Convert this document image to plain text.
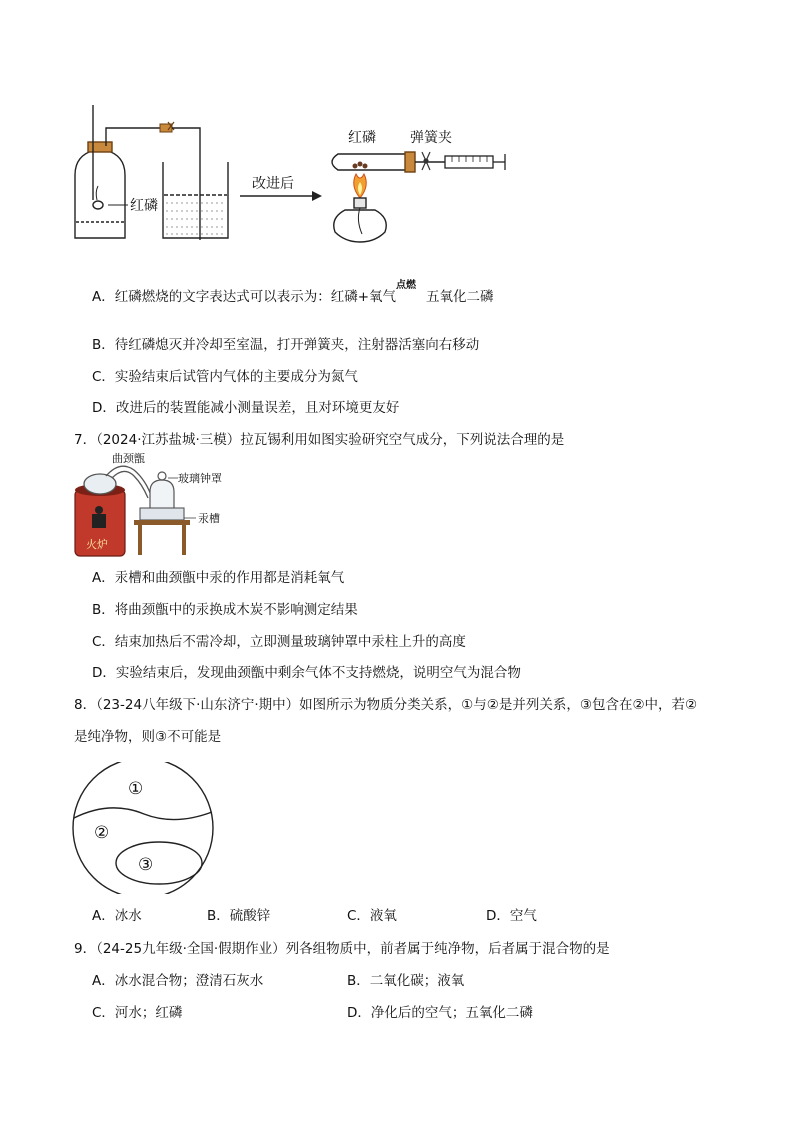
红磷
改进后
红磷 弹簧夹
A．红磷燃烧的文字表达式可以表示为：红磷+氧气
点燃
五氧化二磷
B．待红磷熄灭并冷却至室温，打开弹簧夹，注射器活塞向右移动
C．实验结束后试管内气体的主要成分为氮气
D．改进后的装置能减小测量误差，且对环境更友好
7．（2024·江苏盐城·三模）拉瓦锡利用如图实验研究空气成分，下列说法合理的是
火炉
曲颈甑
玻璃钟罩
汞槽
A．汞槽和曲颈甑中汞的作用都是消耗氧气
B．将曲颈甑中的汞换成木炭不影响测定结果
C．结束加热后不需冷却，立即测量玻璃钟罩中汞柱上升的高度
D．实验结束后，发现曲颈甑中剩余气体不支持燃烧，说明空气为混合物
8．（23-24八年级下·山东济宁·期中）如图所示为物质分类关系，①与②是并列关系，③包含在②中，若②
是纯净物，则③不可能是
①
②
③
A．冰水	B．硫酸锌	C．液氧	D．空气
9．（24-25九年级·全国·假期作业）列各组物质中，前者属于纯净物，后者属于混合物的是
A．冰水混合物；澄清石灰水	B．二氧化碳；液氧
C．河水；红磷	D．净化后的空气；五氧化二磷
